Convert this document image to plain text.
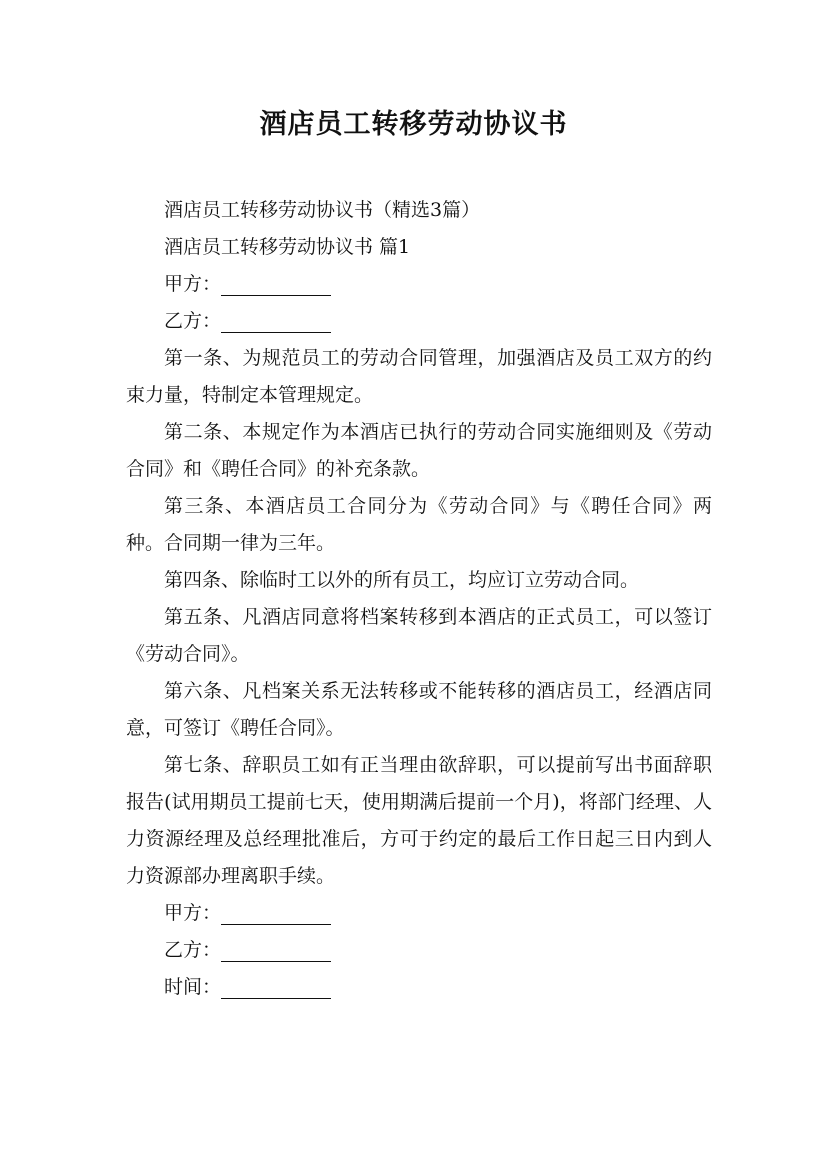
酒店员工转移劳动协议书

酒店员工转移劳动协议书（精选3篇）

酒店员工转移劳动协议书 篇1

甲方：

乙方：

第一条、为规范员工的劳动合同管理，加强酒店及员工双方的约束力量，特制定本管理规定。

第二条、本规定作为本酒店已执行的劳动合同实施细则及《劳动合同》和《聘任合同》的补充条款。

第三条、本酒店员工合同分为《劳动合同》与《聘任合同》两种。合同期一律为三年。

第四条、除临时工以外的所有员工，均应订立劳动合同。

第五条、凡酒店同意将档案转移到本酒店的正式员工，可以签订《劳动合同》。

第六条、凡档案关系无法转移或不能转移的酒店员工，经酒店同意，可签订《聘任合同》。

第七条、辞职员工如有正当理由欲辞职，可以提前写出书面辞职报告(试用期员工提前七天，使用期满后提前一个月)，将部门经理、人力资源经理及总经理批准后，方可于约定的最后工作日起三日内到人力资源部办理离职手续。

甲方：

乙方：

时间：
